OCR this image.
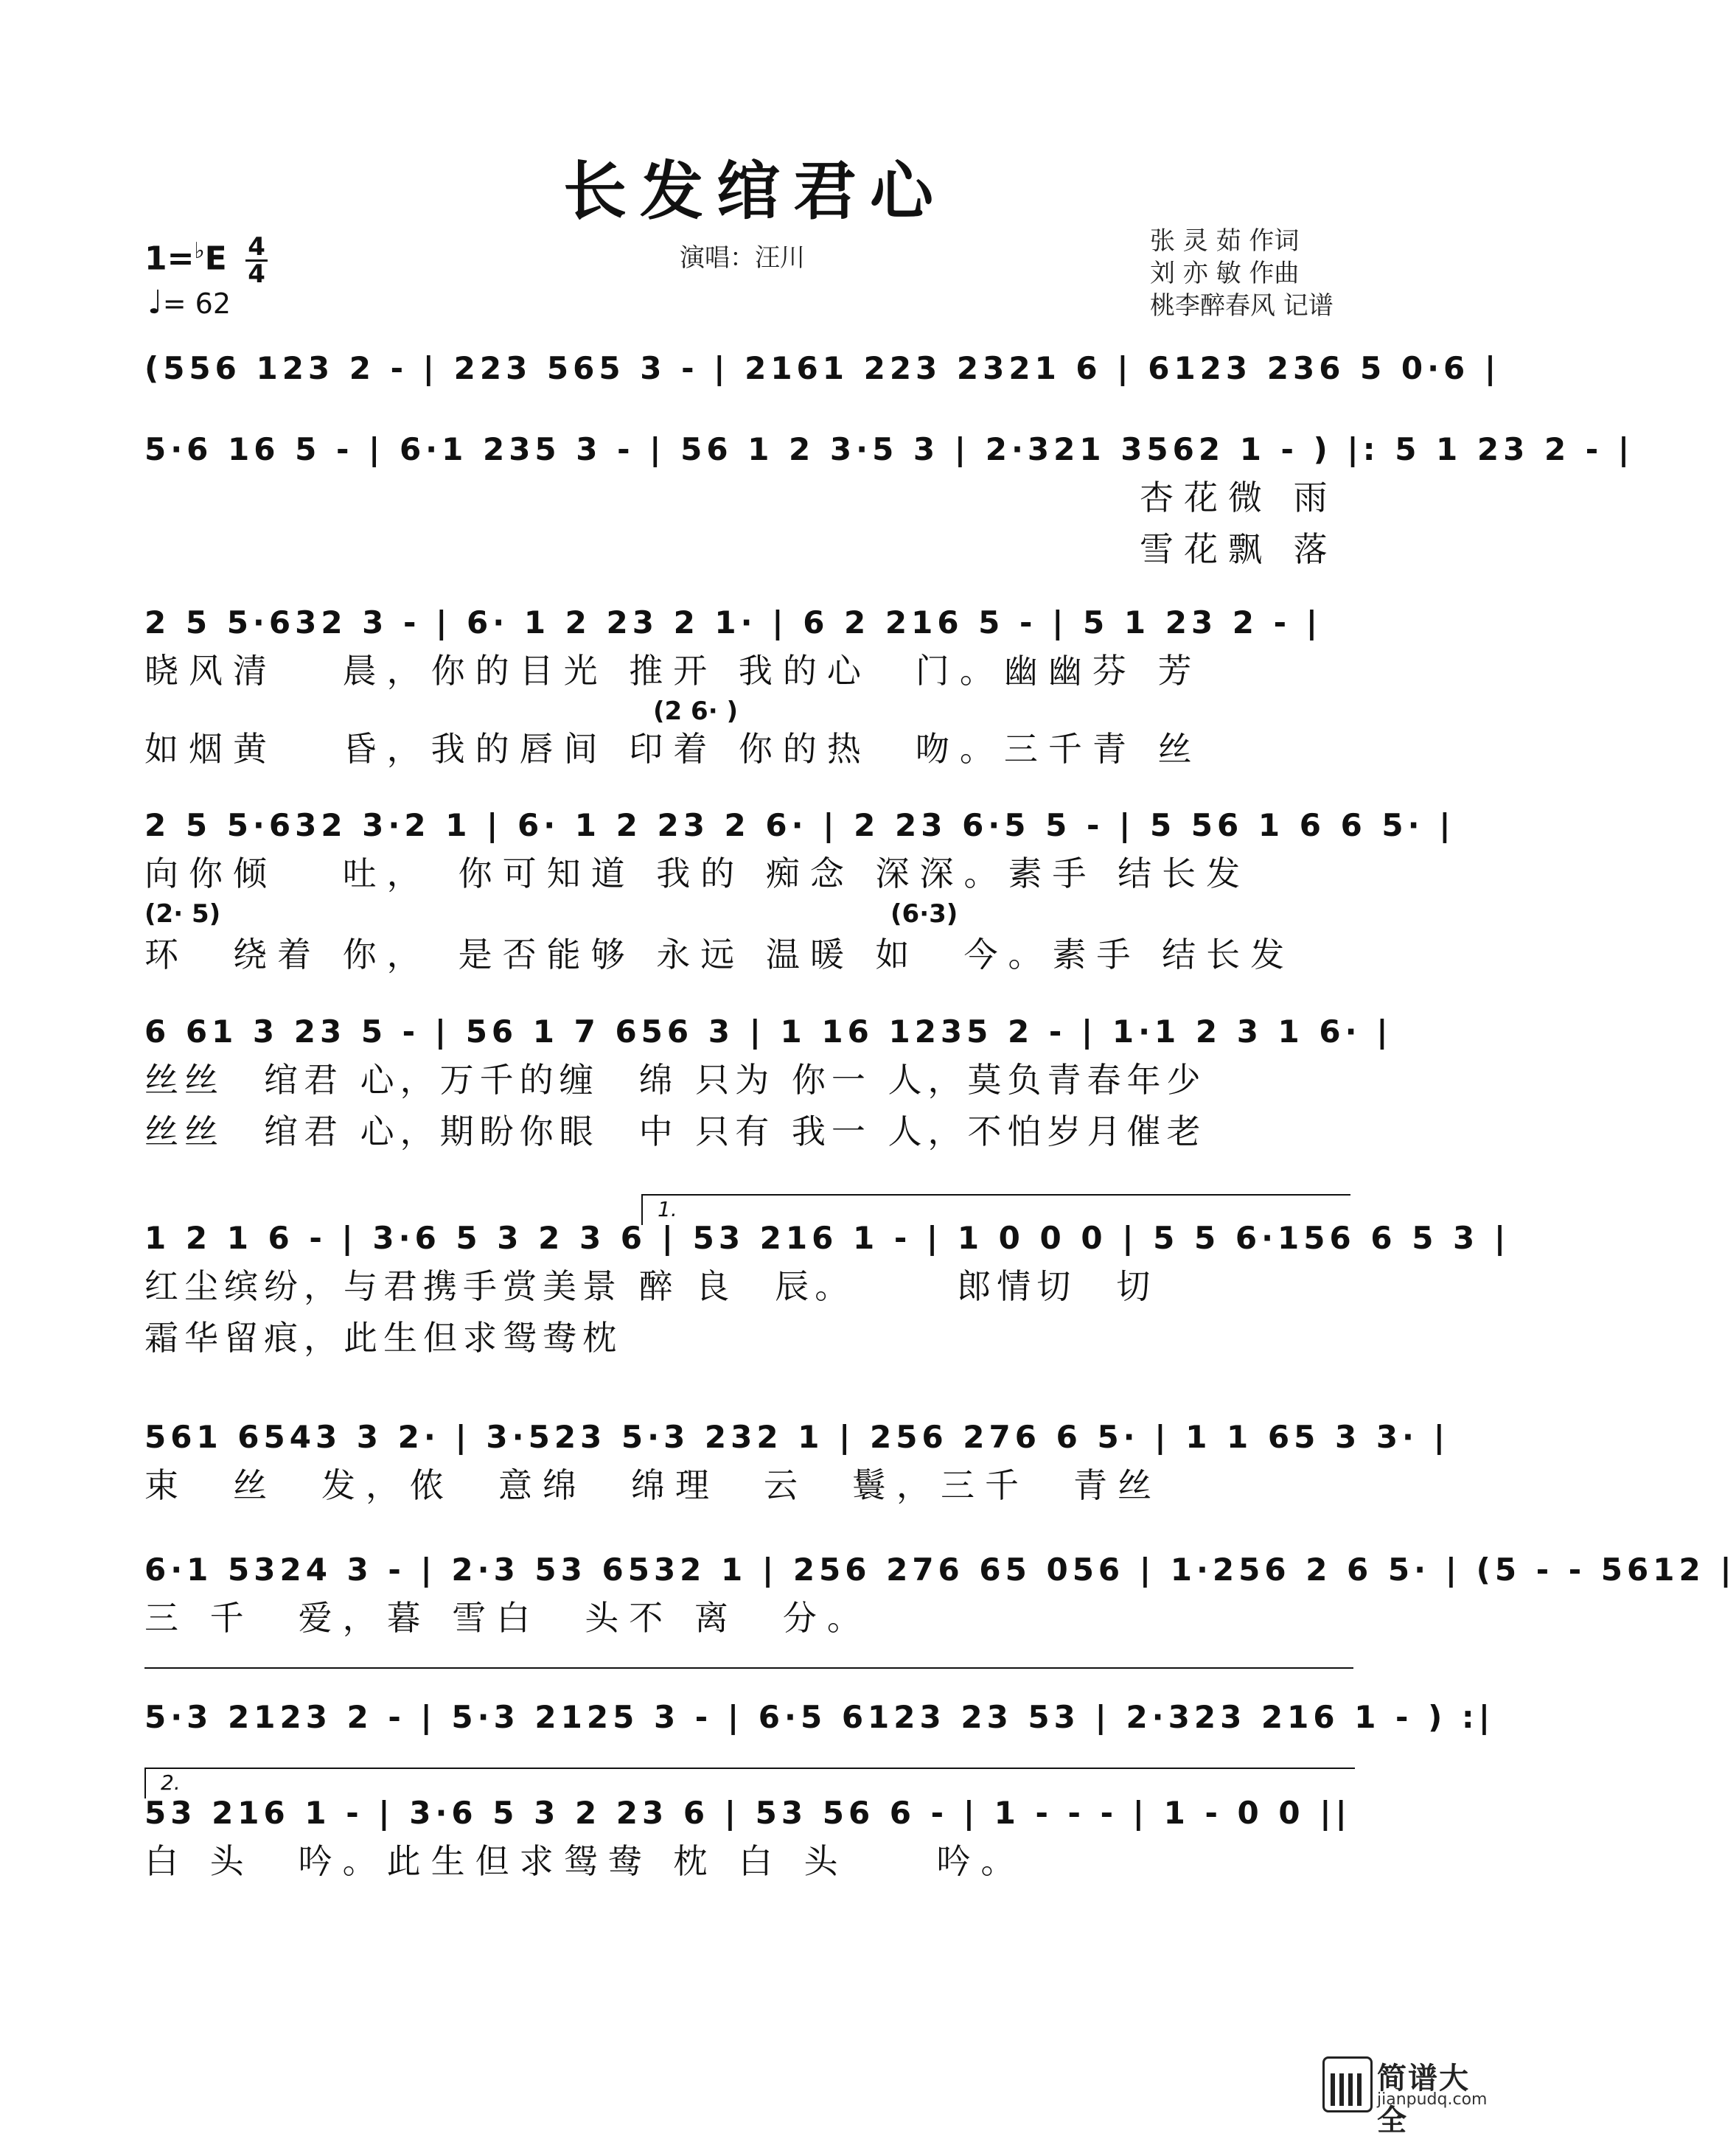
长发绾君心
$1=^♭E \frac{4}{4}$
♩= 62
演唱：汪川
张 灵 茹 作词
刘 亦 敏 作曲
桃李醉春风 记谱
(556 123 2 - | 223 565 3 - | 2161 223 2321 6 | 6123 236 5 0·6 |
5·6 16 5 - | 6·1 235 3 - | 56 1 2 3·5 3 | 2·321 3562 1 - ) |: 5 1 23 2 - |
杏花微 雨
雪花飘 落
2 5 5·632 3 - | 6· 1 2 23 2 1· | 6 2 216 5 - | 5 1 23 2 - |
晓风清　 晨，你的目光 推开 我的心　门。幽幽芬 芳
(2 6· )
如烟黄　 昏，我的唇间 印着 你的热　吻。三千青 丝
2 5 5·632 3·2 1 | 6· 1 2 23 2 6· | 2 23 6·5 5 - | 5 56 1 6 6 5· |
向你倾　 吐，　你可知道 我的 痴念 深深。素手 结长发
(2· 5)	(6·3)
环　绕着 你，　是否能够 永远 温暖 如　今。素手 结长发
6 61 3 23 5 - | 56 1 7 656 3 | 1 16 1235 2 - | 1·1 2 3 1 6· |
丝丝　绾君 心，万千的缠　绵 只为 你一 人，莫负青春年少
丝丝　绾君 心，期盼你眼　中 只有 我一 人，不怕岁月催老
1.
1 2 1 6 - | 3·6 5 3 2 3 6 | 53 216 1 - | 1 0 0 0 | 5 5 6·156 6 5 3 |
红尘缤纷，与君携手赏美景 醉 良　辰。　　　郎情切　切
霜华留痕，此生但求鸳鸯枕
561 6543 3 2· | 3·523 5·3 232 1 | 256 276 6 5· | 1 1 65 3 3· |
束　丝　发，侬　意绵　绵理　云　鬟，三千　青丝
6·1 5324 3 - | 2·3 53 6532 1 | 256 276 65 056 | 1·256 2 6 5· | (5 - - 5612 |
三 千　爱，暮 雪白　头不 离　分。
5·3 2123 2 - | 5·3 2125 3 - | 6·5 6123 23 53 | 2·323 216 1 - ) :|
2.
53 216 1 - | 3·6 5 3 2 23 6 | 53 56 6 - | 1 - - - | 1 - 0 0 ||
白 头　吟。此生但求鸳鸯 枕 白 头　　吟。
简谱大全
jianpudq.com
